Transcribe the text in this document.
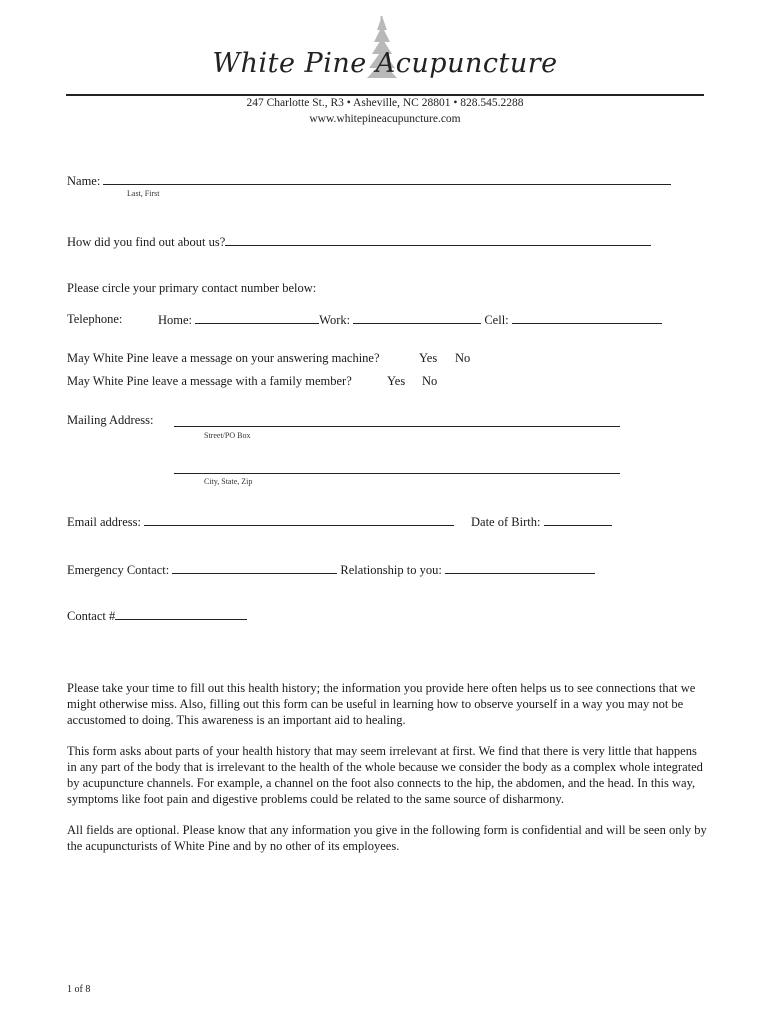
White Pine Acupuncture
247 Charlotte St., R3 • Asheville, NC 28801 • 828.545.2288
www.whitepineacupuncture.com
Name:
Last, First
How did you find out about us?
Please circle your primary contact number below:
Telephone:	Home:	Work:	Cell:
May White Pine leave a message on your answering machine?	Yes No
May White Pine leave a message with a family member?	Yes No
Mailing Address:
Street/PO Box
City, State, Zip
Email address:	Date of Birth:
Emergency Contact:	Relationship to you:
Contact #

Please take your time to fill out this health history; the information you provide here often helps us to see connections that we might otherwise miss. Also, filling out this form can be useful in learning how to observe yourself in a way you may not be accustomed to doing. This awareness is an important aid to healing.

This form asks about parts of your health history that may seem irrelevant at first. We find that there is very little that happens in any part of the body that is irrelevant to the health of the whole because we consider the body as a complex whole integrated by acupuncture channels. For example, a channel on the foot also connects to the hip, the abdomen, and the head. In this way, symptoms like foot pain and digestive problems could be related to the same source of disharmony.

All fields are optional. Please know that any information you give in the following form is confidential and will be seen only by the acupuncturists of White Pine and by no other of its employees.

1 of 8
